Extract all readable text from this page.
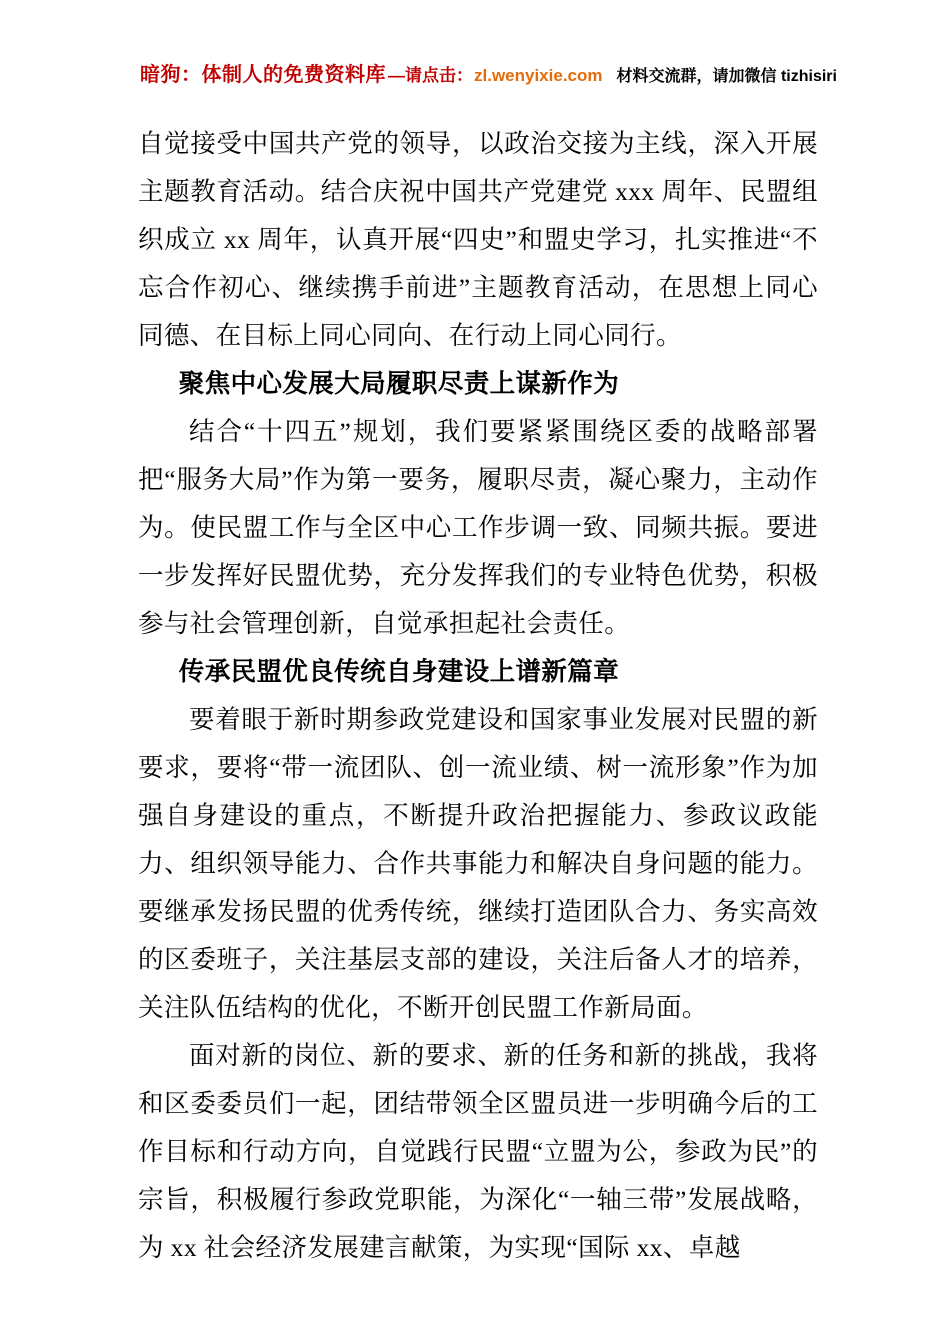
暗狗：体制人的免费资料库 —请点击： zl.wenyixie.com 材料交流群，请加微信 tizhisiri

自觉接受中国共产党的领导，以政治交接为主线，深入开展主题教育活动。结合庆祝中国共产党建党 xxx 周年、民盟组织成立 xx 周年，认真开展“四史”和盟史学习，扎实推进“不忘合作初心、继续携手前进”主题教育活动，在思想上同心同德、在目标上同心同向、在行动上同心同行。

聚焦中心发展大局履职尽责上谋新作为

结合“十四五”规划，我们要紧紧围绕区委的战略部署把“服务大局”作为第一要务，履职尽责，凝心聚力，主动作为。使民盟工作与全区中心工作步调一致、同频共振。要进一步发挥好民盟优势，充分发挥我们的专业特色优势，积极参与社会管理创新，自觉承担起社会责任。

传承民盟优良传统自身建设上谱新篇章

要着眼于新时期参政党建设和国家事业发展对民盟的新要求，要将“带一流团队、创一流业绩、树一流形象”作为加强自身建设的重点，不断提升政治把握能力、参政议政能力、组织领导能力、合作共事能力和解决自身问题的能力。要继承发扬民盟的优秀传统，继续打造团队合力、务实高效的区委班子，关注基层支部的建设，关注后备人才的培养，关注队伍结构的优化，不断开创民盟工作新局面。

面对新的岗位、新的要求、新的任务和新的挑战，我将和区委委员们一起，团结带领全区盟员进一步明确今后的工作目标和行动方向，自觉践行民盟“立盟为公，参政为民”的宗旨，积极履行参政党职能，为深化“一轴三带”发展战略，为 xx 社会经济发展建言献策，为实现“国际 xx、卓越
